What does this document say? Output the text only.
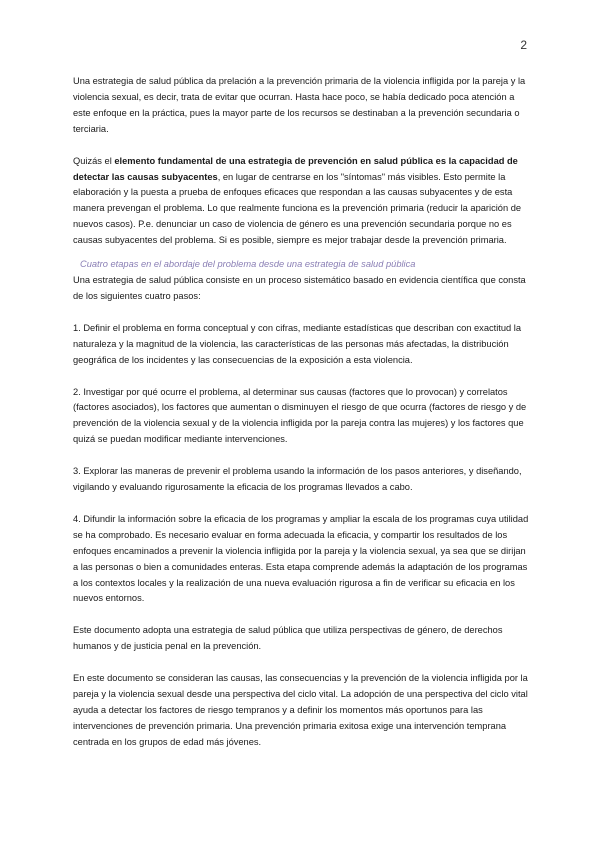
2

Una estrategia de salud pública da prelación a la prevención primaria de la violencia infligida por la pareja y la violencia sexual, es decir, trata de evitar que ocurran. Hasta hace poco, se había dedicado poca atención a este enfoque en la práctica, pues la mayor parte de los recursos se destinaban a la prevención secundaria o terciaria.

Quizás el elemento fundamental de una estrategia de prevención en salud pública es la capacidad de detectar las causas subyacentes, en lugar de centrarse en los "síntomas" más visibles. Esto permite la elaboración y la puesta a prueba de enfoques eficaces que respondan a las causas subyacentes y de esta manera prevengan el problema. Lo que realmente funciona es la prevención primaria (reducir la aparición de nuevos casos). P.e. denunciar un caso de violencia de género es una prevención secundaria porque no es causas subyacentes del problema. Si es posible, siempre es mejor trabajar desde la prevención primaria.

Cuatro etapas en el abordaje del problema desde una estrategia de salud pública

Una estrategia de salud pública consiste en un proceso sistemático basado en evidencia científica que consta de los siguientes cuatro pasos:

1. Definir el problema en forma conceptual y con cifras, mediante estadísticas que describan con exactitud la naturaleza y la magnitud de la violencia, las características de las personas más afectadas, la distribución geográfica de los incidentes y las consecuencias de la exposición a esta violencia.

2. Investigar por qué ocurre el problema, al determinar sus causas (factores que lo provocan) y correlatos (factores asociados), los factores que aumentan o disminuyen el riesgo de que ocurra (factores de riesgo y de prevención de la violencia sexual y de la violencia infligida por la pareja contra las mujeres) y los factores que quizá se puedan modificar mediante intervenciones.

3. Explorar las maneras de prevenir el problema usando la información de los pasos anteriores, y diseñando, vigilando y evaluando rigurosamente la eficacia de los programas llevados a cabo.

4. Difundir la información sobre la eficacia de los programas y ampliar la escala de los programas cuya utilidad se ha comprobado. Es necesario evaluar en forma adecuada la eficacia, y compartir los resultados de los enfoques encaminados a prevenir la violencia infligida por la pareja y la violencia sexual, ya sea que se dirijan a las personas o bien a comunidades enteras. Esta etapa comprende además la adaptación de los programas a los contextos locales y la realización de una nueva evaluación rigurosa a fin de verificar su eficacia en los nuevos entornos.

Este documento adopta una estrategia de salud pública que utiliza perspectivas de género, de derechos humanos y de justicia penal en la prevención.

En este documento se consideran las causas, las consecuencias y la prevención de la violencia infligida por la pareja y la violencia sexual desde una perspectiva del ciclo vital. La adopción de una perspectiva del ciclo vital ayuda a detectar los factores de riesgo tempranos y a definir los momentos más oportunos para las intervenciones de prevención primaria. Una prevención primaria exitosa exige una intervención temprana centrada en los grupos de edad más jóvenes.
